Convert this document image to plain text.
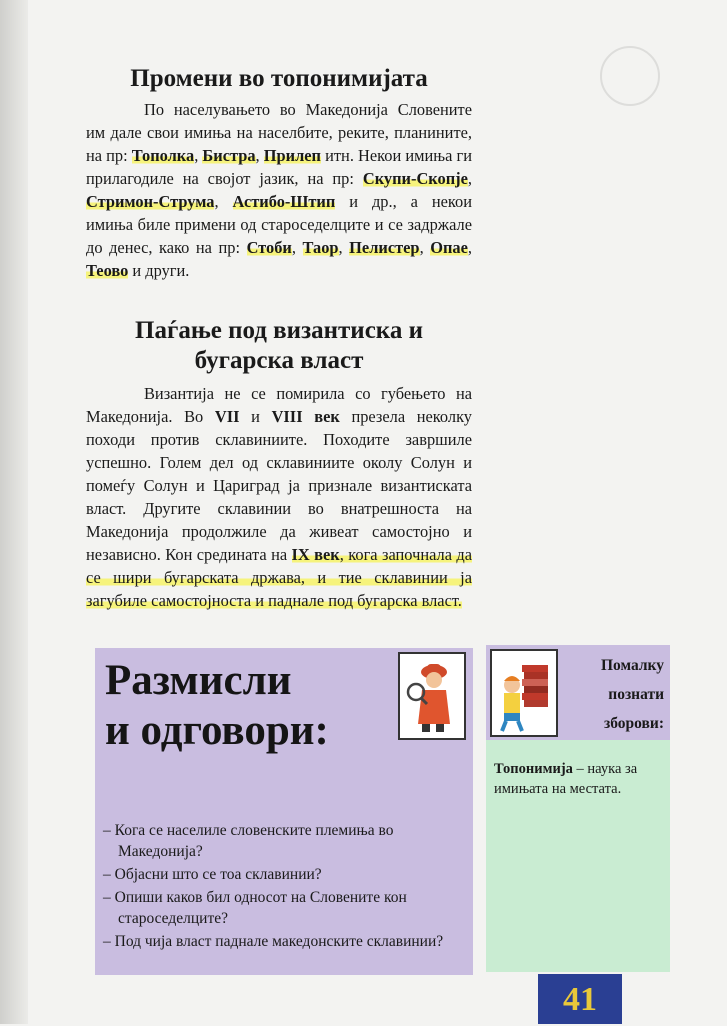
Промени во топонимијата

По населувањето во Македонија Словените им дале свои имиња на населбите, реките, планините, на пр: Тополка, Бистра, Прилеп итн. Некои имиња ги прилагодиле на својот јазик, на пр: Скупи-Скопје, Стримон-Струма, Астибо-Штип и др., а некои имиња биле примени од староседелците и се задржале до денес, како на пр: Стоби, Таор, Пелистер, Опае, Теово и други.

Паѓање под византиска и
бугарска власт

Византија не се помирила со губењето на Македонија. Во VII и VIII век презела неколку походи против склавиниите. Походите завршиле успешно. Голем дел од склавиниите околу Солун и помеѓу Солун и Цариград ја признале византиската власт. Другите склавинии во внатрешноста на Македонија продолжиле да живеат самостојно и независно. Кон средината на IX век, кога започнала да се шири бугарската држава, и тие склавинии ја загубиле самостојноста и паднале под бугарска власт.

Размисли
и одговори:

– Кога се населиле словенските племиња во Македонија?

– Објасни што се тоа склавинии?

– Опиши каков бил односот на Словените кон староседелците?

– Под чија власт паднале македонските склавинии?

Помалку
познати
зборови:
Топонимија – наука за имињата на местата.
41
